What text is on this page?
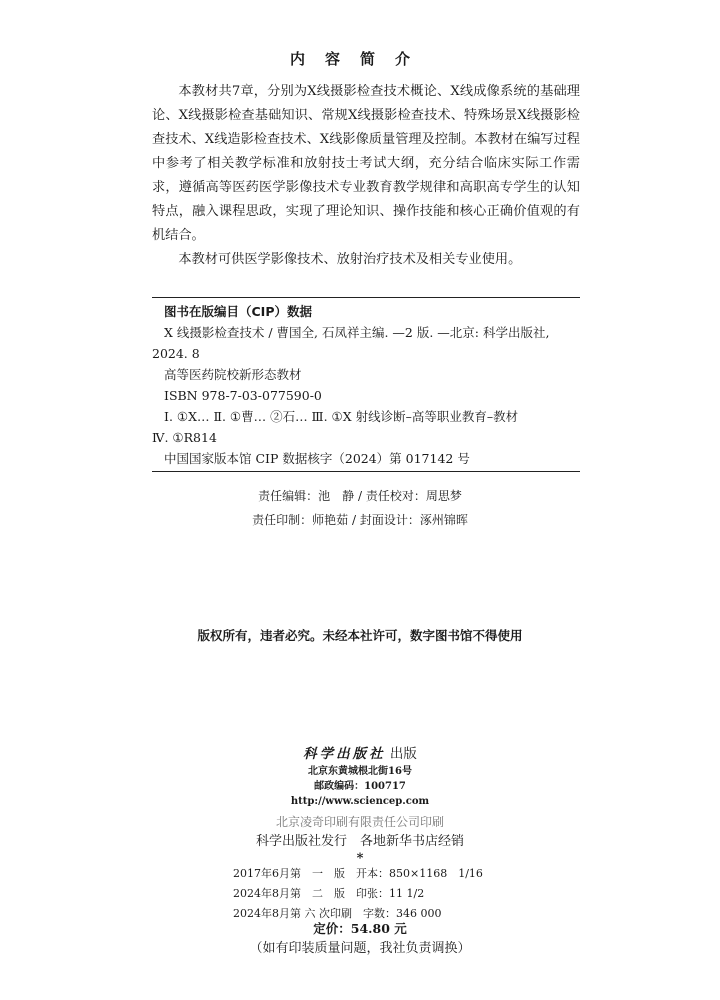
内容简介

本教材共7章，分别为X线摄影检查技术概论、X线成像系统的基础理论、X线摄影检查基础知识、常规X线摄影检查技术、特殊场景X线摄影检查技术、X线造影检查技术、X线影像质量管理及控制。本教材在编写过程中参考了相关教学标准和放射技士考试大纲，充分结合临床实际工作需求，遵循高等医药医学影像技术专业教育教学规律和高职高专学生的认知特点，融入课程思政，实现了理论知识、操作技能和核心正确价值观的有机结合。

本教材可供医学影像技术、放射治疗技术及相关专业使用。

图书在版编目（CIP）数据
X 线摄影检查技术 / 曹国全, 石凤祥主编. —2 版. —北京: 科学出版社,
2024. 8
高等医药院校新形态教材
ISBN 978-7-03-077590-0
Ⅰ. ①X… Ⅱ. ①曹… ②石… Ⅲ. ①X 射线诊断–高等职业教育–教材
Ⅳ. ①R814
中国国家版本馆 CIP 数据核字（2024）第 017142 号
责任编辑：池　静 / 责任校对：周思梦
责任印制：师艳茹 / 封面设计：涿州锦晖
版权所有，违者必究。未经本社许可，数字图书馆不得使用
科学出版社 出版
北京东黄城根北街16号
邮政编码：100717
http://www.sciencep.com
北京凌奇印刷有限责任公司印刷
科学出版社发行　各地新华书店经销
*
2017年6月第　一　版　开本：850×1168　1/16
2024年8月第　二　版　印张：11 1/2
2024年8月第 六 次印刷　字数：346 000
定价：54.80 元
（如有印装质量问题，我社负责调换）
